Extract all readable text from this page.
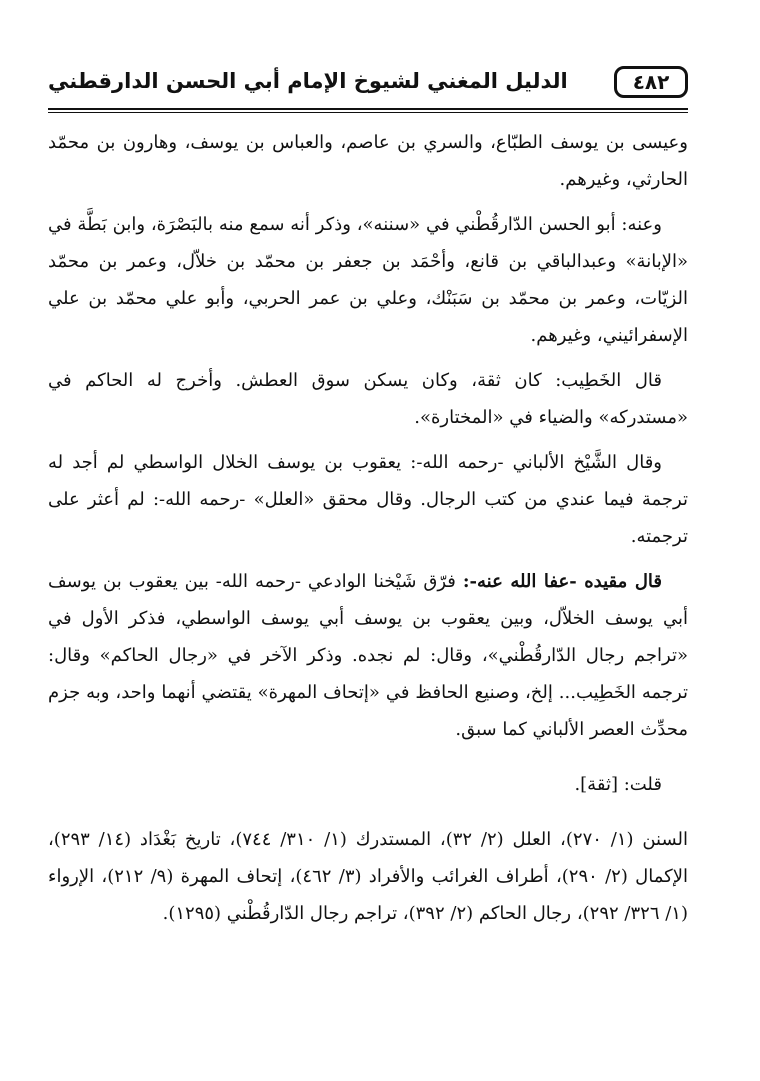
٤٨٢
الدليل المغني لشيوخ الإمام أبي الحسن الدارقطني

وعيسى بن يوسف الطبّاع، والسري بن عاصم، والعباس بن يوسف، وهارون بن محمّد الحارثي، وغيرهم.

وعنه: أبو الحسن الدّارقُطْني في «سننه»، وذكر أنه سمع منه بالبَصْرَة، وابن بَطَّة في «الإبانة» وعبدالباقي بن قانع، وأحْمَد بن جعفر بن محمّد بن خلاّل، وعمر بن محمّد الزيّات، وعمر بن محمّد بن سَبَنْك، وعلي بن عمر الحربي، وأبو علي محمّد بن علي الإسفرائيني، وغيرهم.

قال الخَطِيب: كان ثقة، وكان يسكن سوق العطش. وأخرج له الحاكم في «مستدركه» والضياء في «المختارة».

وقال الشَّيْخ الألباني -رحمه الله-: يعقوب بن يوسف الخلال الواسطي لم أجد له ترجمة فيما عندي من كتب الرجال. وقال محقق «العلل» -رحمه الله-: لم أعثر على ترجمته.

قال مقيده -عفا الله عنه-: فرّق شَيْخنا الوادعي -رحمه الله- بين يعقوب بن يوسف أبي يوسف الخلاّل، وبين يعقوب بن يوسف أبي يوسف الواسطي، فذكر الأول في «تراجم رجال الدّارقُطْني»، وقال: لم نجده. وذكر الآخر في «رجال الحاكم» وقال: ترجمه الخَطِيب... إلخ، وصنيع الحافظ في «إتحاف المهرة» يقتضي أنهما واحد، وبه جزم محدِّث العصر الألباني كما سبق.

قلت: [ثقة].

السنن (١/ ٢٧٠)، العلل (٢/ ٣٢)، المستدرك (١/ ٣١٠/ ٧٤٤)، تاريخ بَغْدَاد (١٤/ ٢٩٣)، الإكمال (٢/ ٢٩٠)، أطراف الغرائب والأفراد (٣/ ٤٦٢)، إتحاف المهرة (٩/ ٢١٢)، الإرواء (١/ ٣٢٦/ ٢٩٢)، رجال الحاكم (٢/ ٣٩٢)، تراجم رجال الدّارقُطْني (١٢٩٥).
